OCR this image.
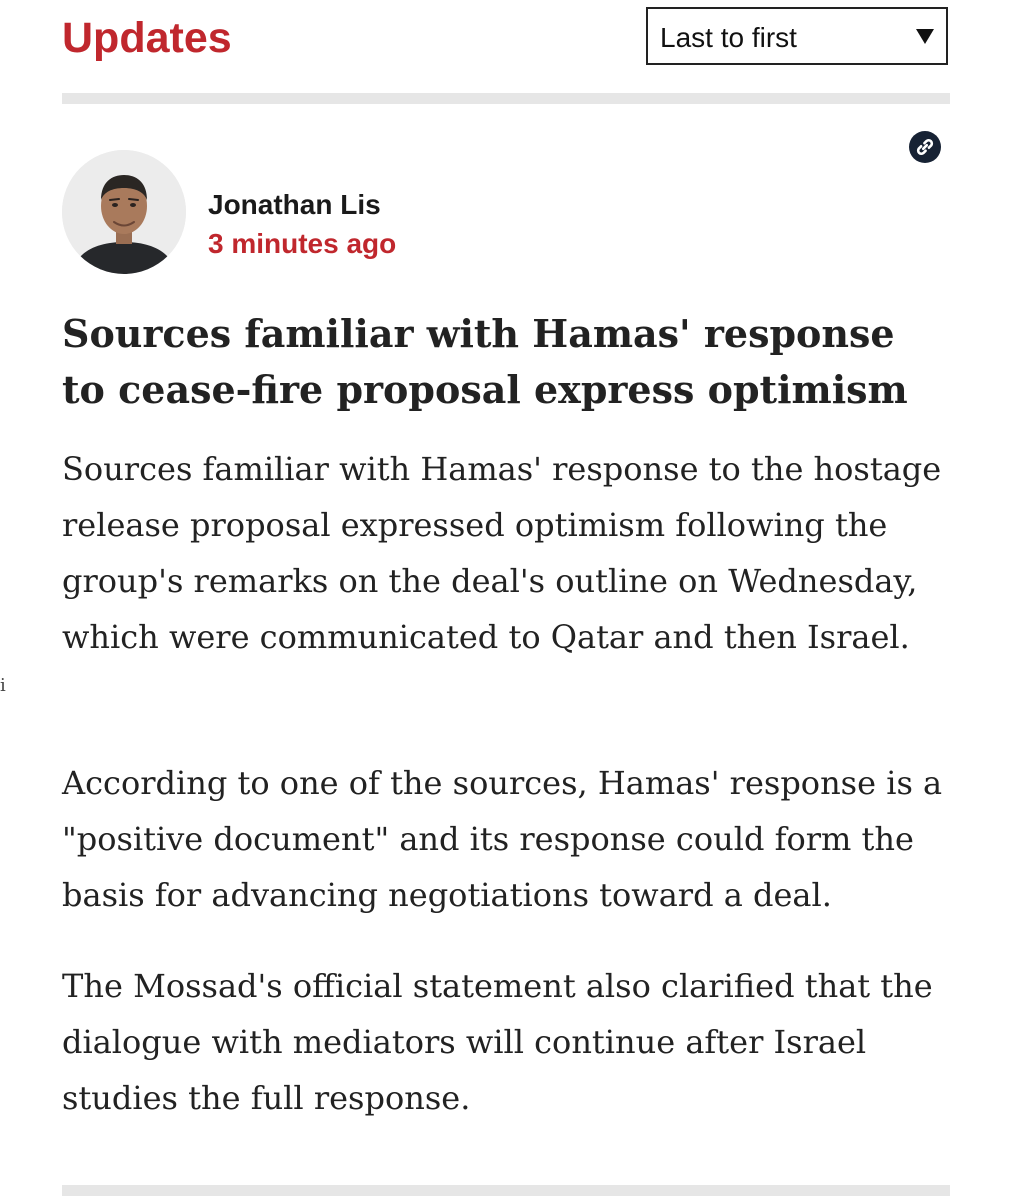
Updates	Last to first
Jonathan Lis
3 minutes ago
Sources familiar with Hamas' response to cease-fire proposal express optimism

Sources familiar with Hamas' response to the hostage release proposal expressed optimism following the group's remarks on the deal's outline on Wednesday, which were communicated to Qatar and then Israel.

According to one of the sources, Hamas' response is a "positive document" and its response could form the basis for advancing negotiations toward a deal.

The Mossad's official statement also clarified that the dialogue with mediators will continue after Israel studies the full response.

i
